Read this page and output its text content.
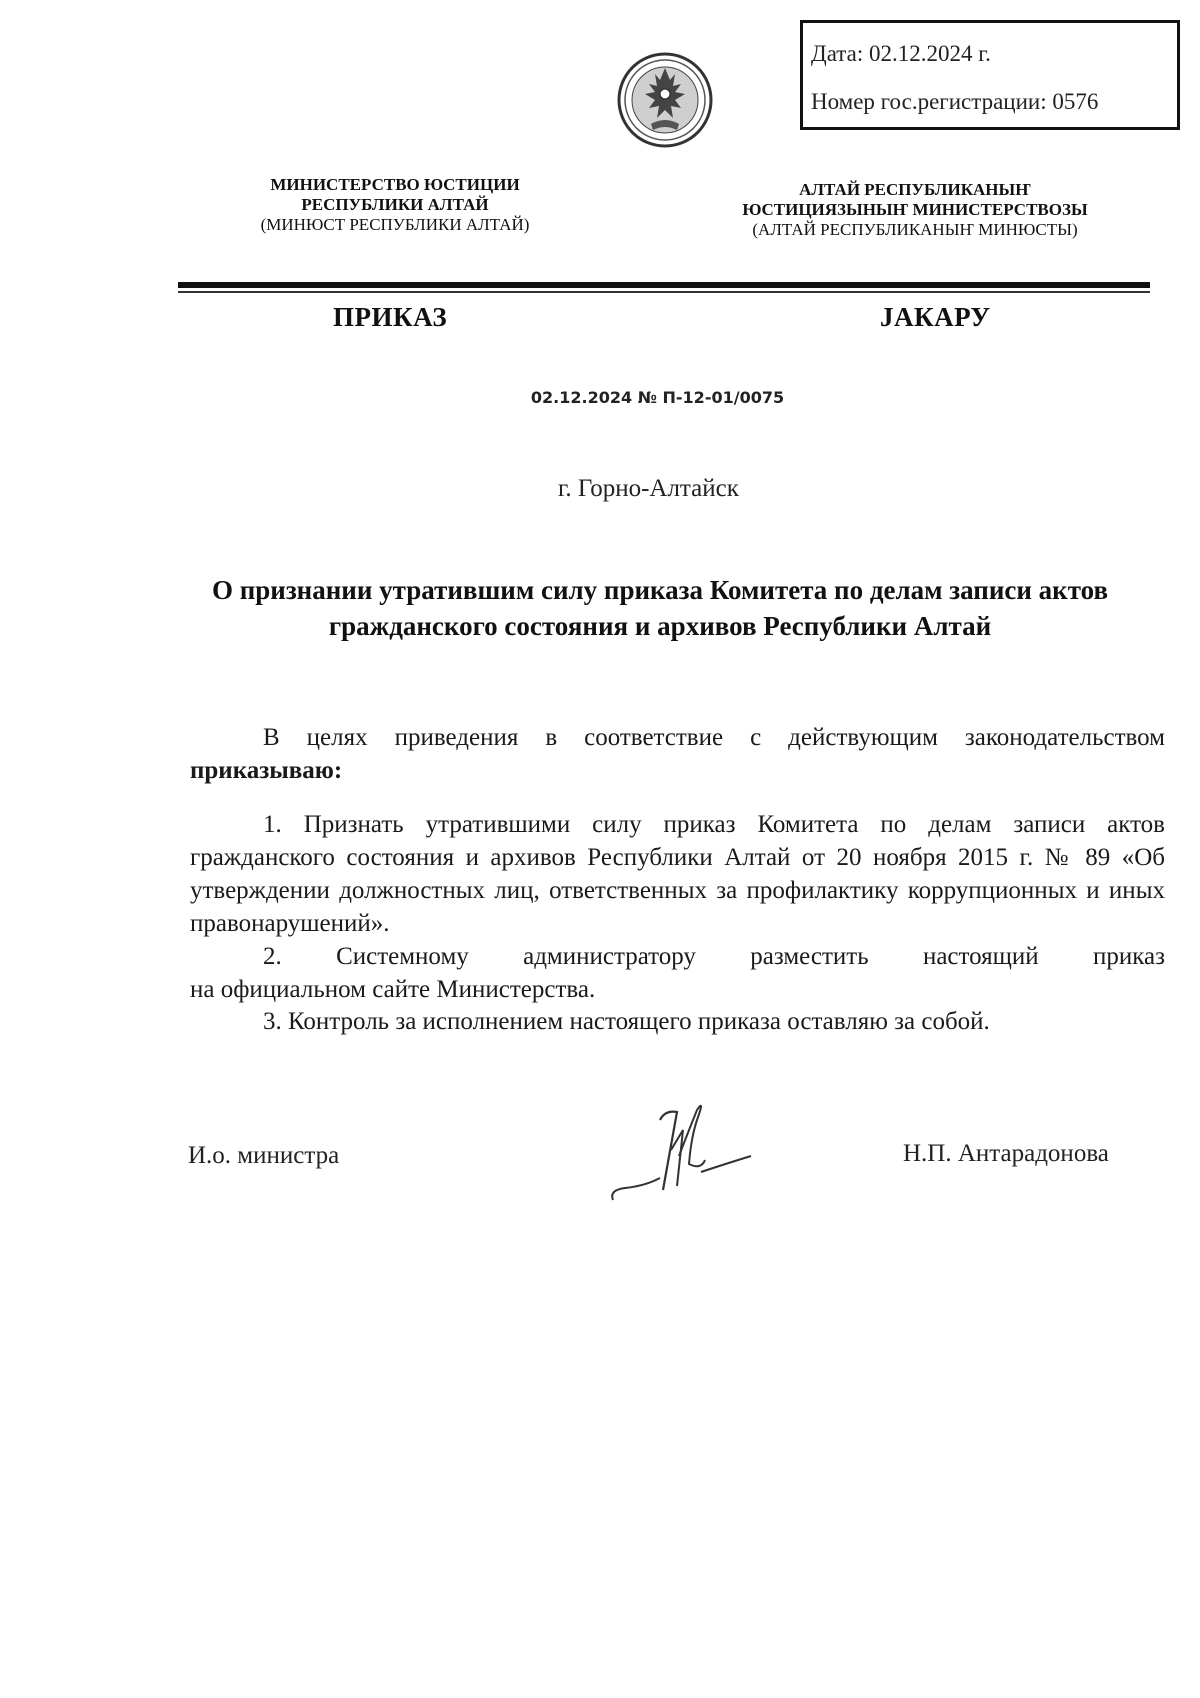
Дата: 02.12.2024 г.
Номер гос.регистрации: 0576
МИНИСТЕРСТВО ЮСТИЦИИ
РЕСПУБЛИКИ АЛТАЙ
(МИНЮСТ РЕСПУБЛИКИ АЛТАЙ)
АЛТАЙ РЕСПУБЛИКАНЫҤ
ЮСТИЦИЯЗЫНЫҤ МИНИСТЕРСТВОЗЫ
(АЛТАЙ РЕСПУБЛИКАНЫҤ МИНЮСТЫ)
ПРИКАЗ	ЈАКАРУ
02.12.2024 № П-12-01/0075
г. Горно-Алтайск
О признании утратившим силу приказа Комитета по делам записи актов
гражданского состояния и архивов Республики Алтай
В целях приведения в соответствие с действующим законодательством приказываю:
1. Признать утратившими силу приказ Комитета по делам записи актов гражданского состояния и архивов Республики Алтай от 20 ноября 2015 г. № 89 «Об утверждении должностных лиц, ответственных за профилактику коррупционных и иных правонарушений».
2. Системному администратору разместить настоящий приказ
на официальном сайте Министерства.
3. Контроль за исполнением настоящего приказа оставляю за собой.
И.о. министра	Н.П. Антарадонова
